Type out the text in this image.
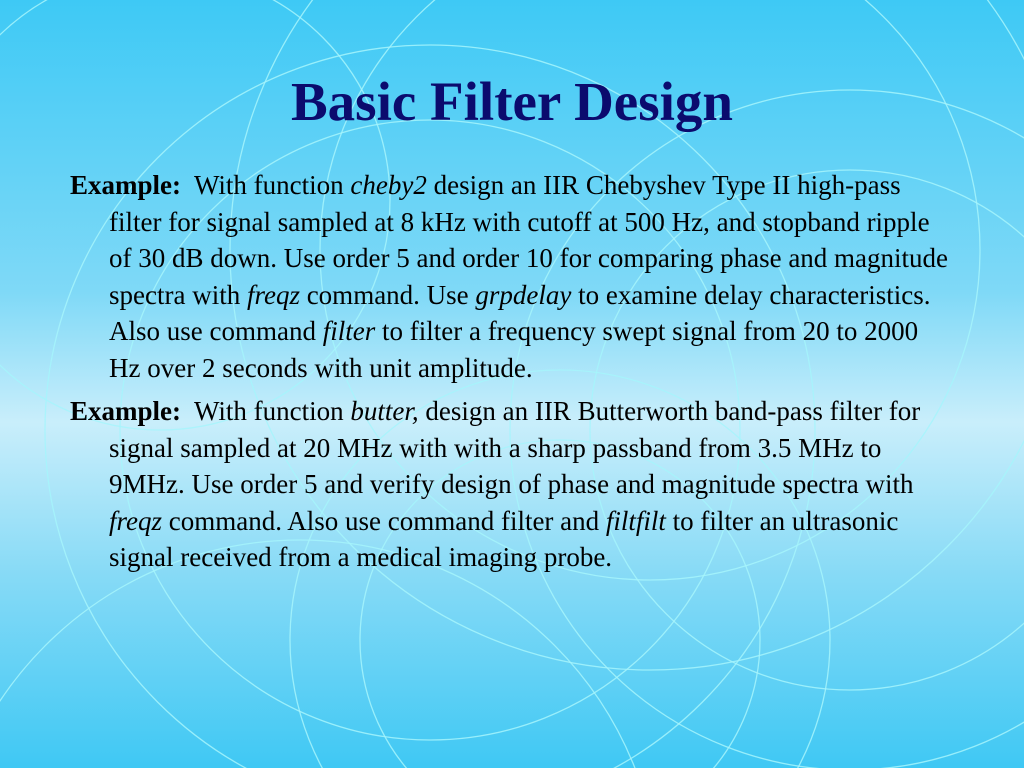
Basic Filter Design

Example: With function cheby2 design an IIR Chebyshev Type II high-pass filter for signal sampled at 8 kHz with cutoff at 500 Hz, and stopband ripple of 30 dB down. Use order 5 and order 10 for comparing phase and magnitude spectra with freqz command. Use grpdelay to examine delay characteristics. Also use command filter to filter a frequency swept signal from 20 to 2000 Hz over 2 seconds with unit amplitude.

Example: With function butter, design an IIR Butterworth band-pass filter for signal sampled at 20 MHz with with a sharp passband from 3.5 MHz to 9MHz. Use order 5 and verify design of phase and magnitude spectra with freqz command. Also use command filter and filtfilt to filter an ultrasonic signal received from a medical imaging probe.
